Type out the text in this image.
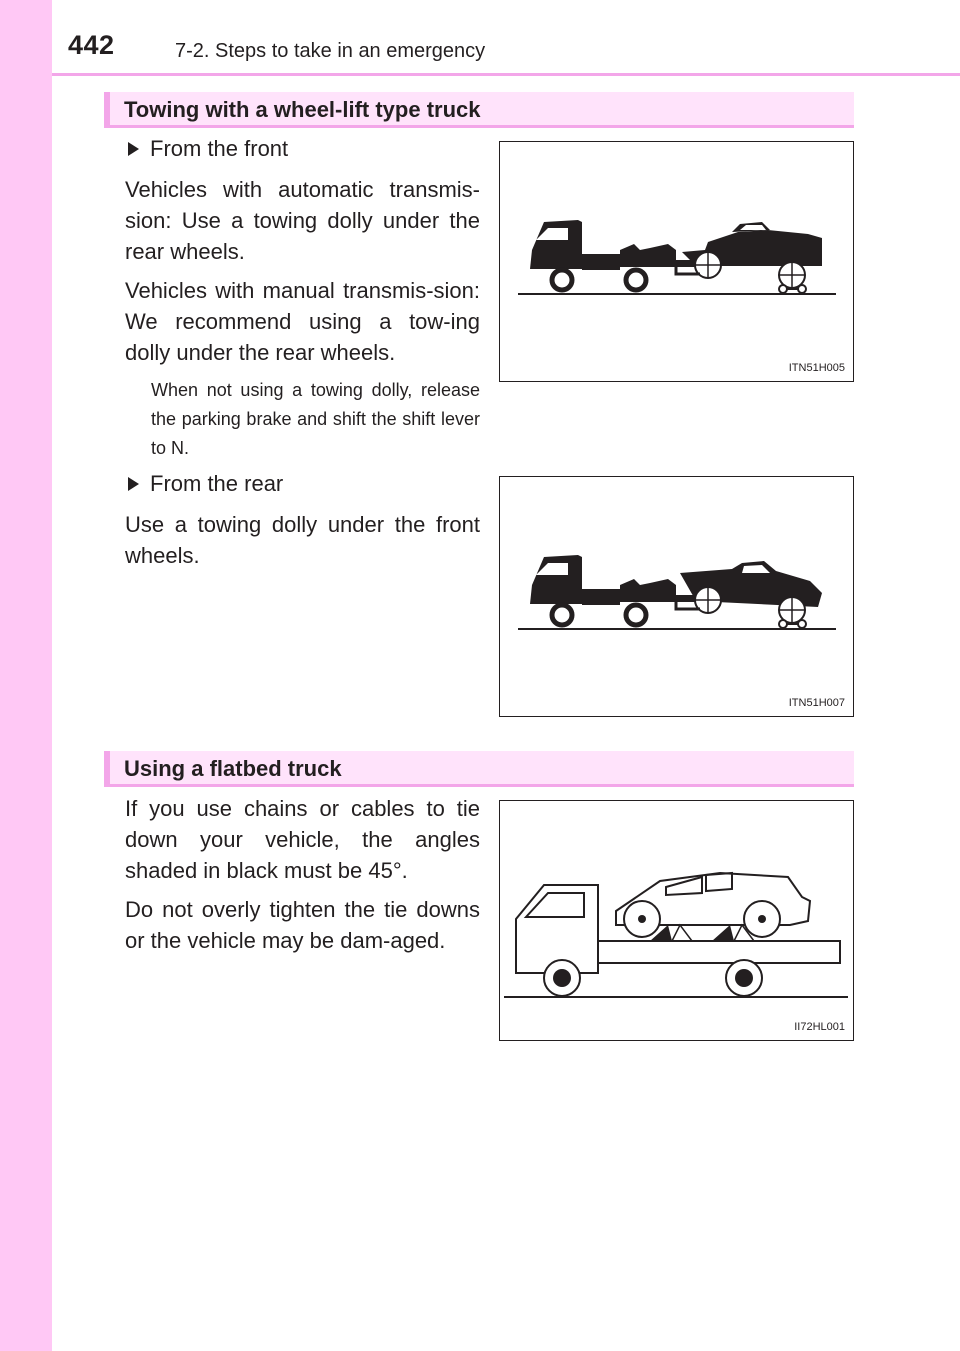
442	7-2. Steps to take in an emergency
Towing with a wheel-lift type truck
From the front

Vehicles with automatic transmis-sion: Use a towing dolly under the rear wheels.

Vehicles with manual transmis-sion: We recommend using a tow-ing dolly under the rear wheels.

When not using a towing dolly, release the parking brake and shift the shift lever to N.

ITN51H005
From the rear

Use a towing dolly under the front wheels.

ITN51H007
Using a flatbed truck

If you use chains or cables to tie down your vehicle, the angles shaded in black must be 45°.

Do not overly tighten the tie downs or the vehicle may be dam-aged.

II72HL001
